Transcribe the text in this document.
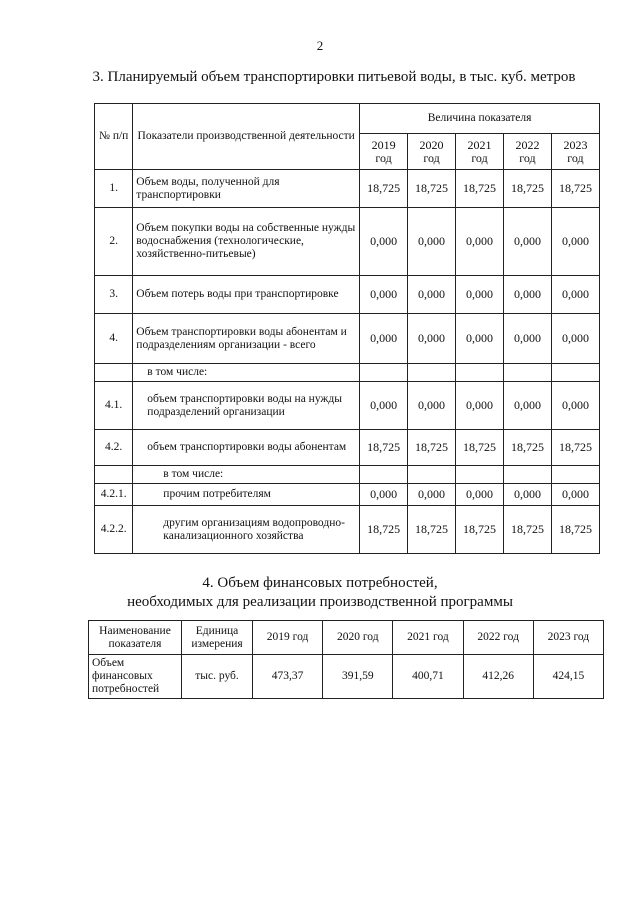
2
3. Планируемый объем транспортировки питьевой воды, в тыс. куб. метров
№ п/п	Показатели производственной деятельности	Величина показателя				
		2019 год	2020 год	2021 год	2022 год	2023 год
1.	Объем воды, полученной для транспортировки	18,725	18,725	18,725	18,725	18,725
2.	Объем покупки воды на собственные нужды водоснабжения (технологические, хозяйственно-питьевые)	0,000	0,000	0,000	0,000	0,000
3.	Объем потерь воды при транспортировке	0,000	0,000	0,000	0,000	0,000
4.	Объем транспортировки воды абонентам и подразделениям организации - всего	0,000	0,000	0,000	0,000	0,000
	в том числе:					
4.1.	объем транспортировки воды на нужды подразделений организации	0,000	0,000	0,000	0,000	0,000
4.2.	объем транспортировки воды абонентам	18,725	18,725	18,725	18,725	18,725
	в том числе:					
4.2.1.	прочим потребителям	0,000	0,000	0,000	0,000	0,000
4.2.2.	другим организациям водопроводно-канализационного хозяйства	18,725	18,725	18,725	18,725	18,725
4. Объем финансовых потребностей,
необходимых для реализации производственной программы
Наименование показателя	Единица измерения	2019 год	2020 год	2021 год	2022 год	2023 год
Объем финансовых потребностей	тыс. руб.	473,37	391,59	400,71	412,26	424,15
